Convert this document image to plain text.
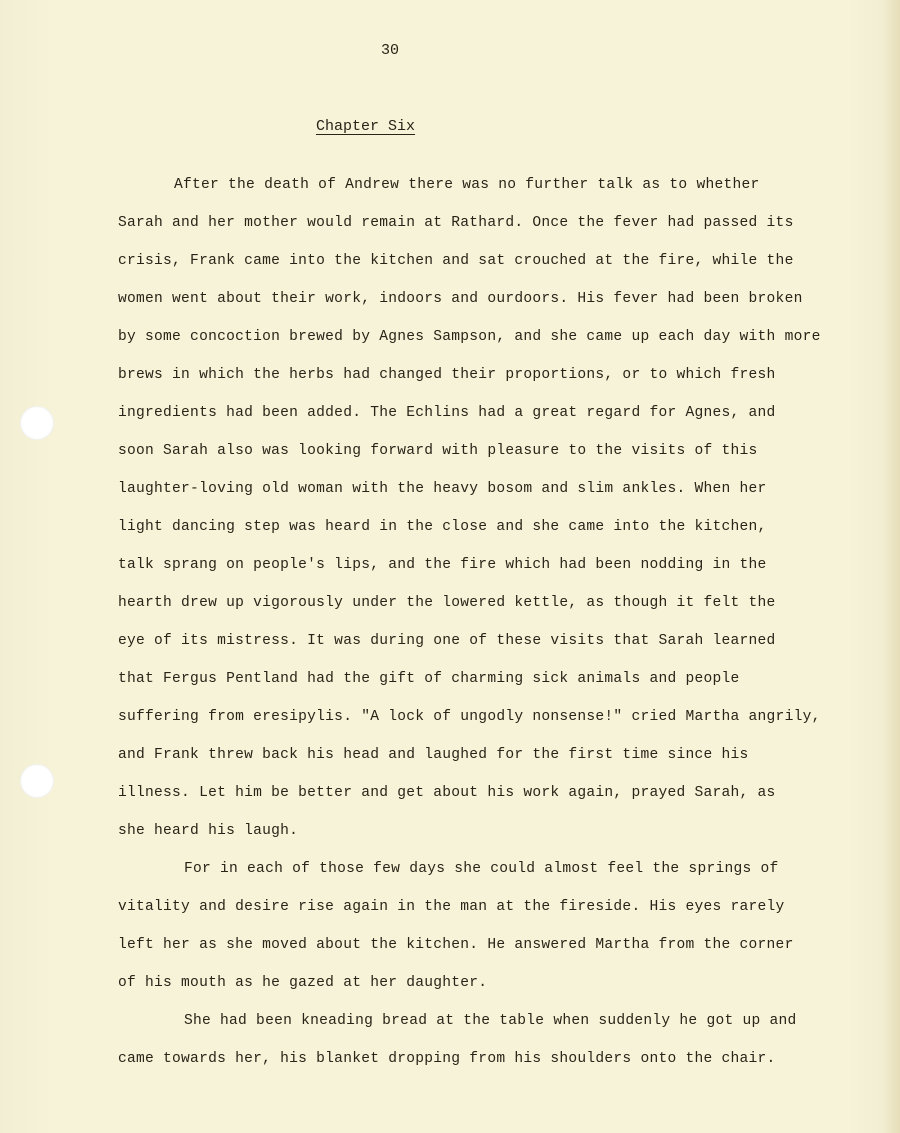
30
Chapter Six
After the death of Andrew there was no further talk as to whether
Sarah and her mother would remain at Rathard. Once the fever had passed its
crisis, Frank came into the kitchen and sat crouched at the fire, while the
women went about their work, indoors and ourdoors. His fever had been broken
by some concoction brewed by Agnes Sampson, and she came up each day with more
brews in which the herbs had changed their proportions, or to which fresh
ingredients had been added. The Echlins had a great regard for Agnes, and
soon Sarah also was looking forward with pleasure to the visits of this
laughter-loving old woman with the heavy bosom and slim ankles. When her
light dancing step was heard in the close and she came into the kitchen,
talk sprang on people's lips, and the fire which had been nodding in the
hearth drew up vigorously under the lowered kettle, as though it felt the
eye of its mistress. It was during one of these visits that Sarah learned
that Fergus Pentland had the gift of charming sick animals and people
suffering from eresipylis. "A lock of ungodly nonsense!" cried Martha angrily,
and Frank threw back his head and laughed for the first time since his
illness. Let him be better and get about his work again, prayed Sarah, as
she heard his laugh.
For in each of those few days she could almost feel the springs of
vitality and desire rise again in the man at the fireside. His eyes rarely
left her as she moved about the kitchen. He answered Martha from the corner
of his mouth as he gazed at her daughter.
She had been kneading bread at the table when suddenly he got up and
came towards her, his blanket dropping from his shoulders onto the chair.
